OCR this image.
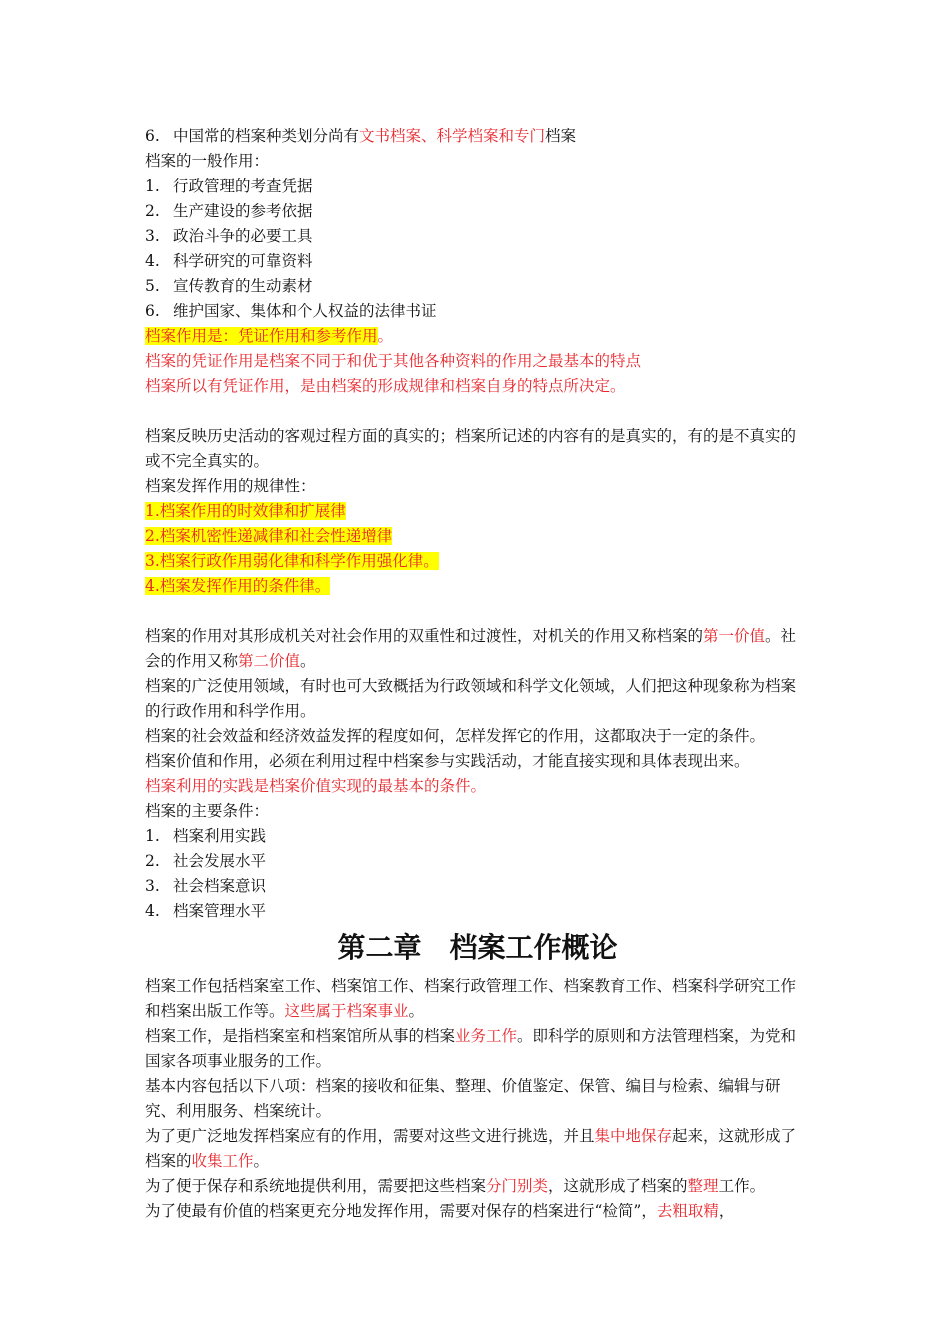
6. 中国常的档案种类划分尚有文书档案、科学档案和专门档案
档案的一般作用：
1. 行政管理的考查凭据
2. 生产建设的参考依据
3. 政治斗争的必要工具
4. 科学研究的可靠资料
5. 宣传教育的生动素材
6. 维护国家、集体和个人权益的法律书证
档案作用是：凭证作用和参考作用。
档案的凭证作用是档案不同于和优于其他各种资料的作用之最基本的特点
档案所以有凭证作用，是由档案的形成规律和档案自身的特点所决定。
档案反映历史活动的客观过程方面的真实的；档案所记述的内容有的是真实的，有的是不真实的或不完全真实的。
档案发挥作用的规律性：
1.档案作用的时效律和扩展律
2.档案机密性递减律和社会性递增律
3.档案行政作用弱化律和科学作用强化律。
4.档案发挥作用的条件律。
档案的作用对其形成机关对社会作用的双重性和过渡性，对机关的作用又称档案的第一价值。社会的作用又称第二价值。
档案的广泛使用领域，有时也可大致概括为行政领域和科学文化领域，人们把这种现象称为档案的行政作用和科学作用。
档案的社会效益和经济效益发挥的程度如何，怎样发挥它的作用，这都取决于一定的条件。
档案价值和作用，必须在利用过程中档案参与实践活动，才能直接实现和具体表现出来。
档案利用的实践是档案价值实现的最基本的条件。
档案的主要条件：
1. 档案利用实践
2. 社会发展水平
3. 社会档案意识
4. 档案管理水平
第二章　档案工作概论
档案工作包括档案室工作、档案馆工作、档案行政管理工作、档案教育工作、档案科学研究工作和档案出版工作等。这些属于档案事业。
档案工作，是指档案室和档案馆所从事的档案业务工作。即科学的原则和方法管理档案，为党和国家各项事业服务的工作。
基本内容包括以下八项：档案的接收和征集、整理、价值鉴定、保管、编目与检索、编辑与研究、利用服务、档案统计。
为了更广泛地发挥档案应有的作用，需要对这些文进行挑选，并且集中地保存起来，这就形成了档案的收集工作。
为了便于保存和系统地提供利用，需要把这些档案分门别类，这就形成了档案的整理工作。
为了使最有价值的档案更充分地发挥作用，需要对保存的档案进行“检简”，去粗取精，
